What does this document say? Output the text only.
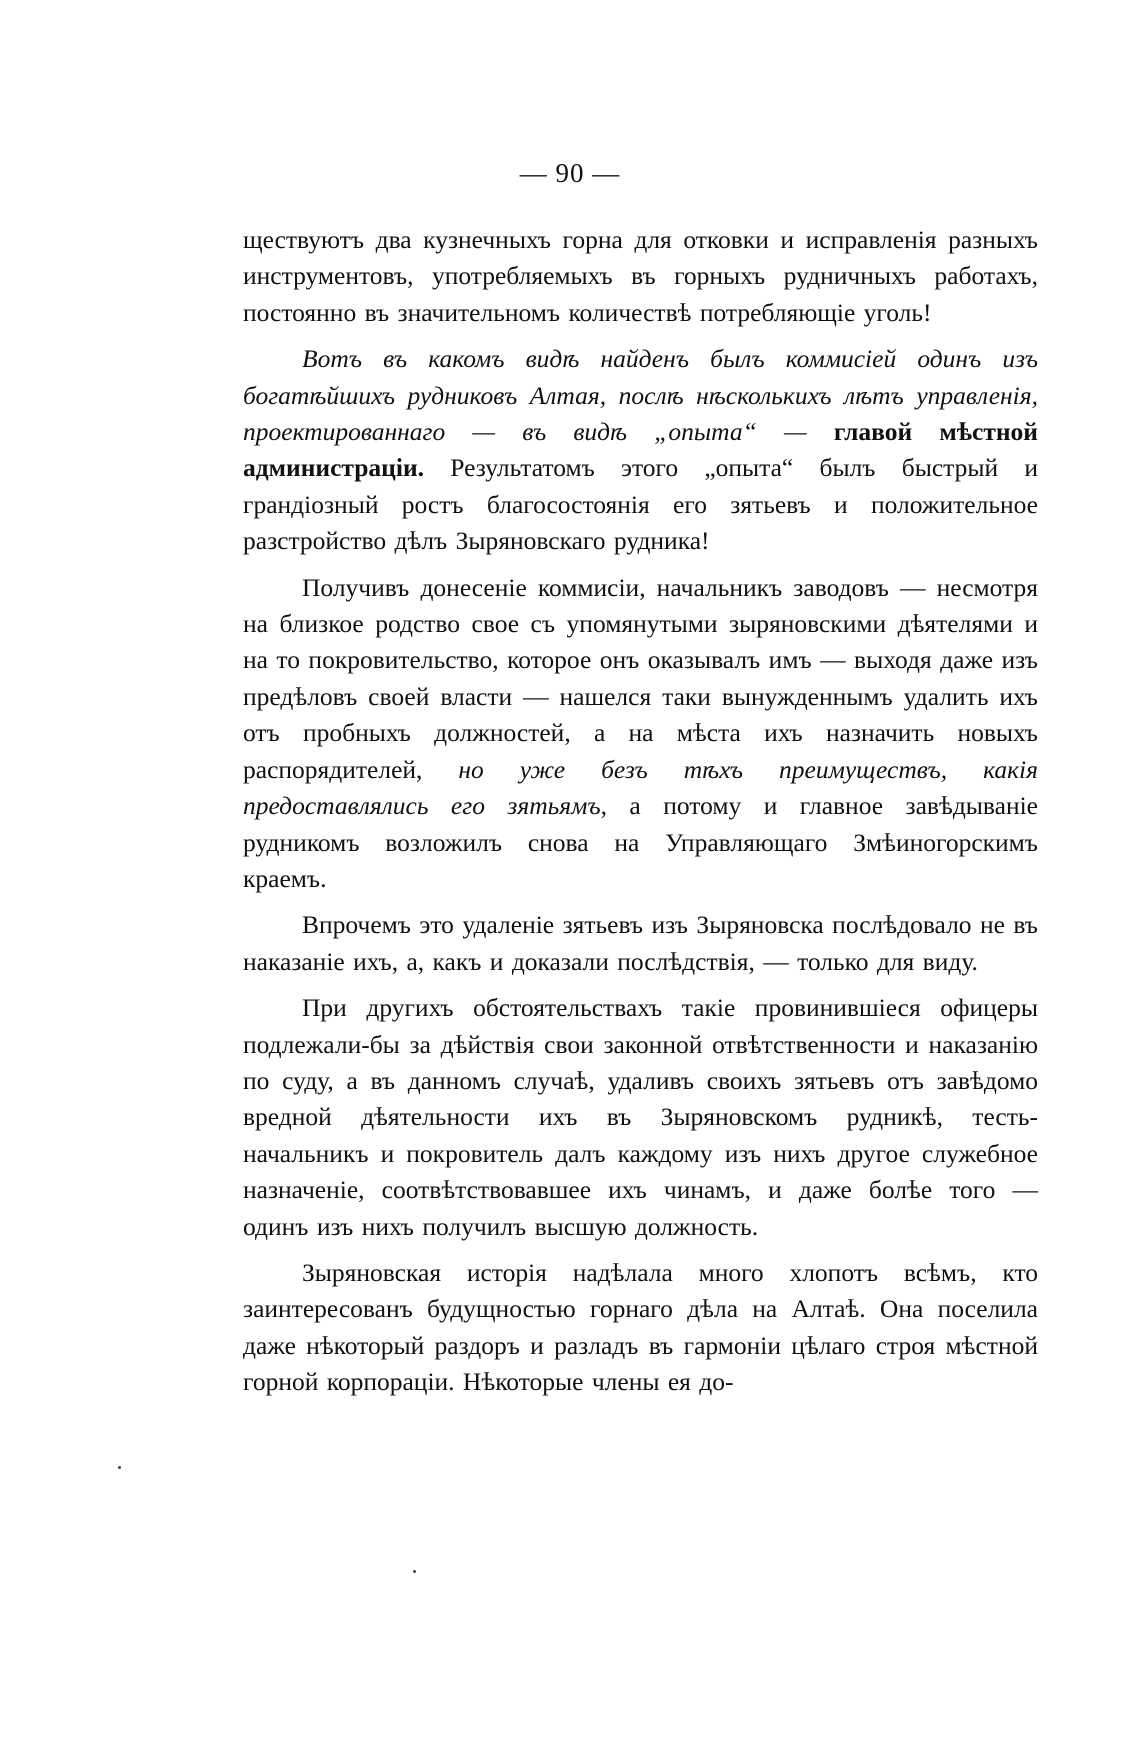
— 90 —

ществуютъ два кузнечныхъ горна для отковки и исправленія разныхъ инструментовъ, употребляемыхъ въ горныхъ рудничныхъ работахъ, постоянно въ значительномъ количествѣ потребляющіе уголь!

Вотъ въ какомъ видѣ найденъ былъ коммисіей одинъ изъ богатѣйшихъ рудниковъ Алтая, послѣ нѣсколькихъ лѣтъ управленія, проектированнаго — въ видѣ „опыта“ — главой мѣстной администраціи. Результатомъ этого „опыта“ былъ быстрый и грандіозный ростъ благосостоянія его зятьевъ и положительное разстройство дѣлъ Зыряновскаго рудника!

Получивъ донесеніе коммисіи, начальникъ заводовъ — несмотря на близкое родство свое съ упомянутыми зыряновскими дѣятелями и на то покровительство, которое онъ оказывалъ имъ — выходя даже изъ предѣловъ своей власти — нашелся таки вынужденнымъ удалить ихъ отъ пробныхъ должностей, а на мѣста ихъ назначить новыхъ распорядителей, но уже безъ тѣхъ преимуществъ, какія предоставлялись его зятьямъ, а потому и главное завѣдываніе рудникомъ возложилъ снова на Управляющаго Змѣиногорскимъ краемъ.

Впрочемъ это удаленіе зятьевъ изъ Зыряновска послѣдовало не въ наказаніе ихъ, а, какъ и доказали послѣдствія, — только для виду.

При другихъ обстоятельствахъ такіе провинившіеся офицеры подлежали-бы за дѣйствія свои законной отвѣтственности и наказанію по суду, а въ данномъ случаѣ, удаливъ своихъ зятьевъ отъ завѣдомо вредной дѣятельности ихъ въ Зыряновскомъ рудникѣ, тесть-начальникъ и покровитель далъ каждому изъ нихъ другое служебное назначеніе, соотвѣтствовавшее ихъ чинамъ, и даже болѣе того — одинъ изъ нихъ получилъ высшую должность.

Зыряновская исторія надѣлала много хлопотъ всѣмъ, кто заинтересованъ будущностью горнаго дѣла на Алтаѣ. Она поселила даже нѣкоторый раздоръ и разладъ въ гармоніи цѣлаго строя мѣстной горной корпораціи. Нѣкоторые члены ея до-
